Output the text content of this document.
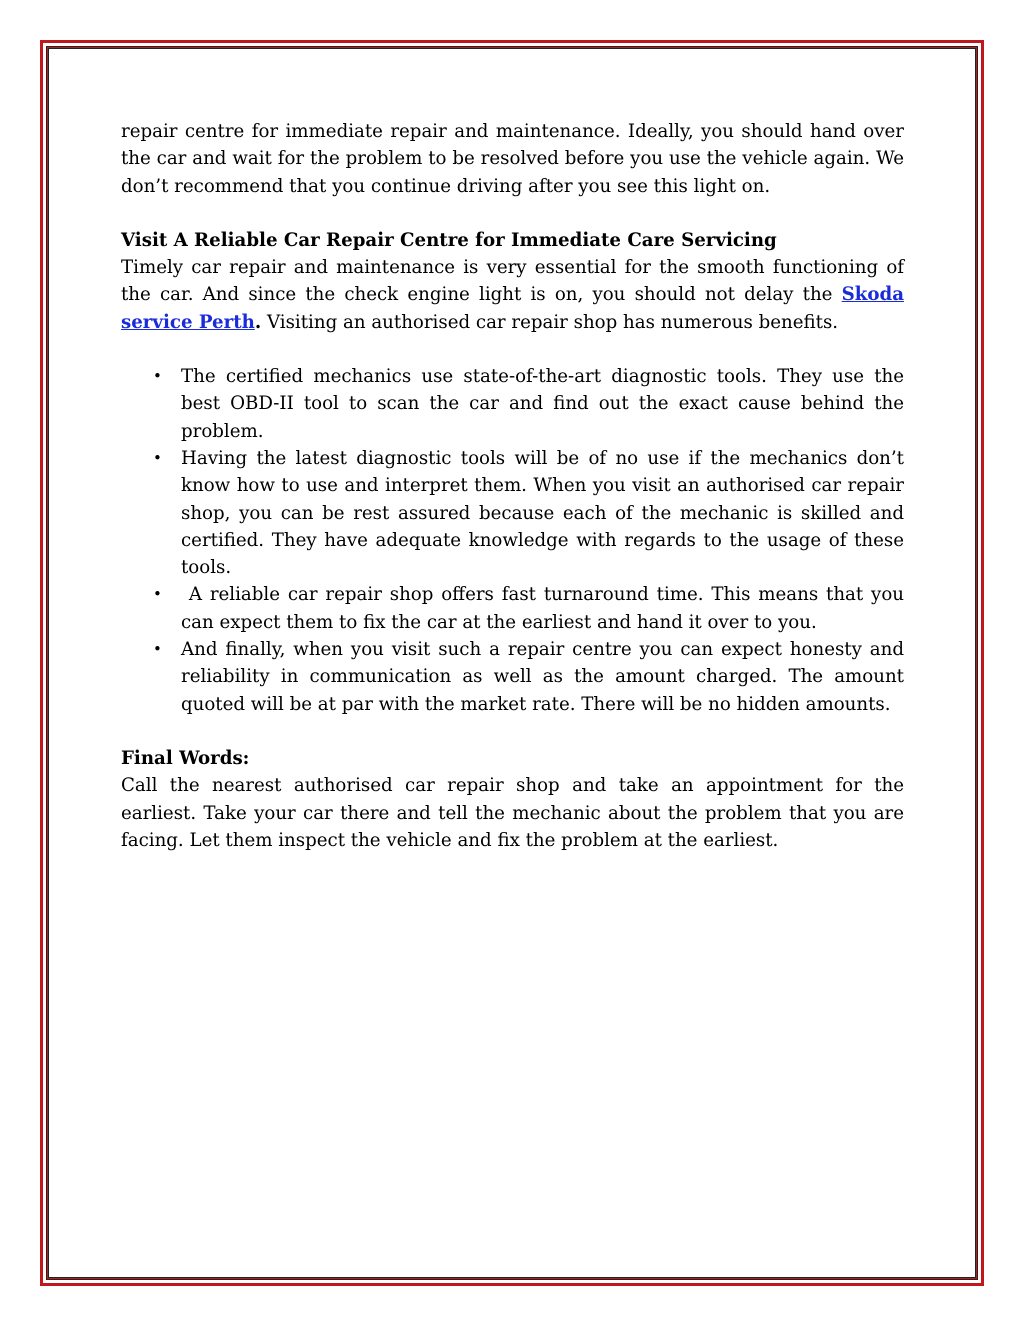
repair centre for immediate repair and maintenance. Ideally, you should hand over the car and wait for the problem to be resolved before you use the vehicle again. We don’t recommend that you continue driving after you see this light on.

Visit A Reliable Car Repair Centre for Immediate Care Servicing

Timely car repair and maintenance is very essential for the smooth functioning of the car. And since the check engine light is on, you should not delay the Skoda service Perth. Visiting an authorised car repair shop has numerous benefits.

• The certified mechanics use state-of-the-art diagnostic tools. They use the best OBD-II tool to scan the car and find out the exact cause behind the problem.
• Having the latest diagnostic tools will be of no use if the mechanics don’t know how to use and interpret them. When you visit an authorised car repair shop, you can be rest assured because each of the mechanic is skilled and certified. They have adequate knowledge with regards to the usage of these tools.
• A reliable car repair shop offers fast turnaround time. This means that you can expect them to fix the car at the earliest and hand it over to you.
• And finally, when you visit such a repair centre you can expect honesty and reliability in communication as well as the amount charged. The amount quoted will be at par with the market rate. There will be no hidden amounts.

Final Words:

Call the nearest authorised car repair shop and take an appointment for the earliest. Take your car there and tell the mechanic about the problem that you are facing. Let them inspect the vehicle and fix the problem at the earliest.
